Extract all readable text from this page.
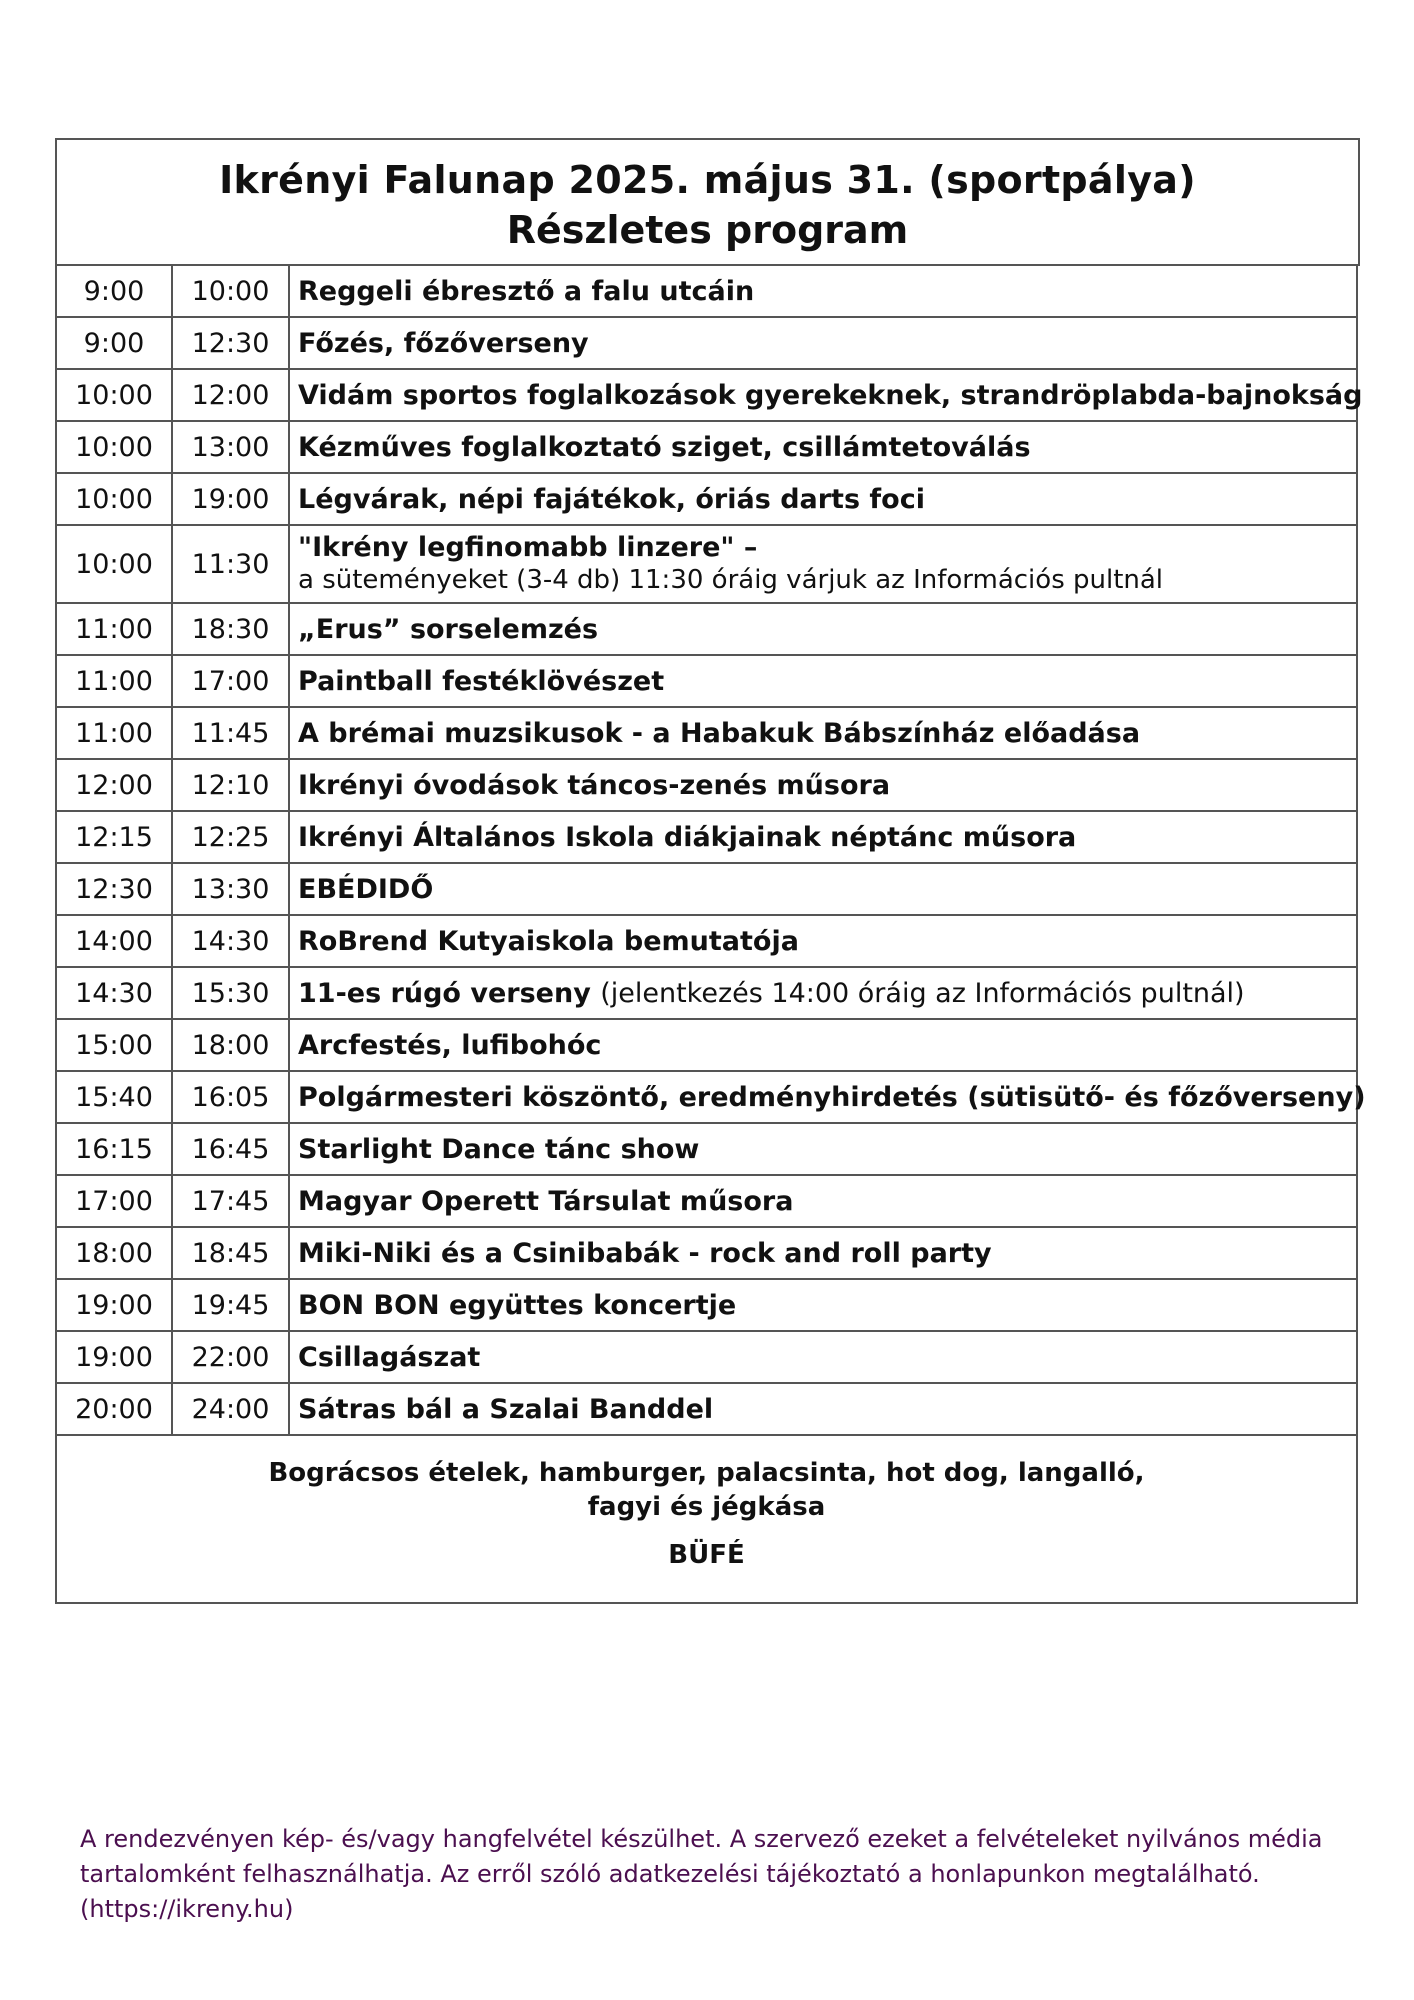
Ikrényi Falunap 2025. május 31. (sportpálya)
Részletes program
9:00	10:00	Reggeli ébresztő a falu utcáin
9:00	12:30	Főzés, főzőverseny
10:00	12:00	Vidám sportos foglalkozások gyerekeknek, strandröplabda-bajnokság
10:00	13:00	Kézműves foglalkoztató sziget, csillámtetoválás
10:00	19:00	Légvárak, népi fajátékok, óriás darts foci
10:00	11:30	"Ikrény legfinomabb linzere" –
a süteményeket (3-4 db) 11:30 óráig várjuk az Információs pultnál

11:00	18:30	„Erus” sorselemzés
11:00	17:00	Paintball festéklövészet
11:00	11:45	A brémai muzsikusok - a Habakuk Bábszínház előadása
12:00	12:10	Ikrényi óvodások táncos-zenés műsora
12:15	12:25	Ikrényi Általános Iskola diákjainak néptánc műsora
12:30	13:30	EBÉDIDŐ
14:00	14:30	RoBrend Kutyaiskola bemutatója
14:30	15:30	11-es rúgó verseny (jelentkezés 14:00 óráig az Információs pultnál)
15:00	18:00	Arcfestés, lufibohóc
15:40	16:05	Polgármesteri köszöntő, eredményhirdetés (sütisütő- és főzőverseny)
16:15	16:45	Starlight Dance tánc show
17:00	17:45	Magyar Operett Társulat műsora
18:00	18:45	Miki-Niki és a Csinibabák - rock and roll party
19:00	19:45	BON BON együttes koncertje
19:00	22:00	Csillagászat
20:00	24:00	Sátras bál a Szalai Banddel
Bográcsos ételek, hamburger, palacsinta, hot dog, langalló,
fagyi és jégkása
BÜFÉ
A rendezvényen kép- és/vagy hangfelvétel készülhet. A szervező ezeket a felvételeket nyilvános média tartalomként felhasználhatja. Az erről szóló adatkezelési tájékoztató a honlapunkon megtalálható. (https://ikreny.hu)
